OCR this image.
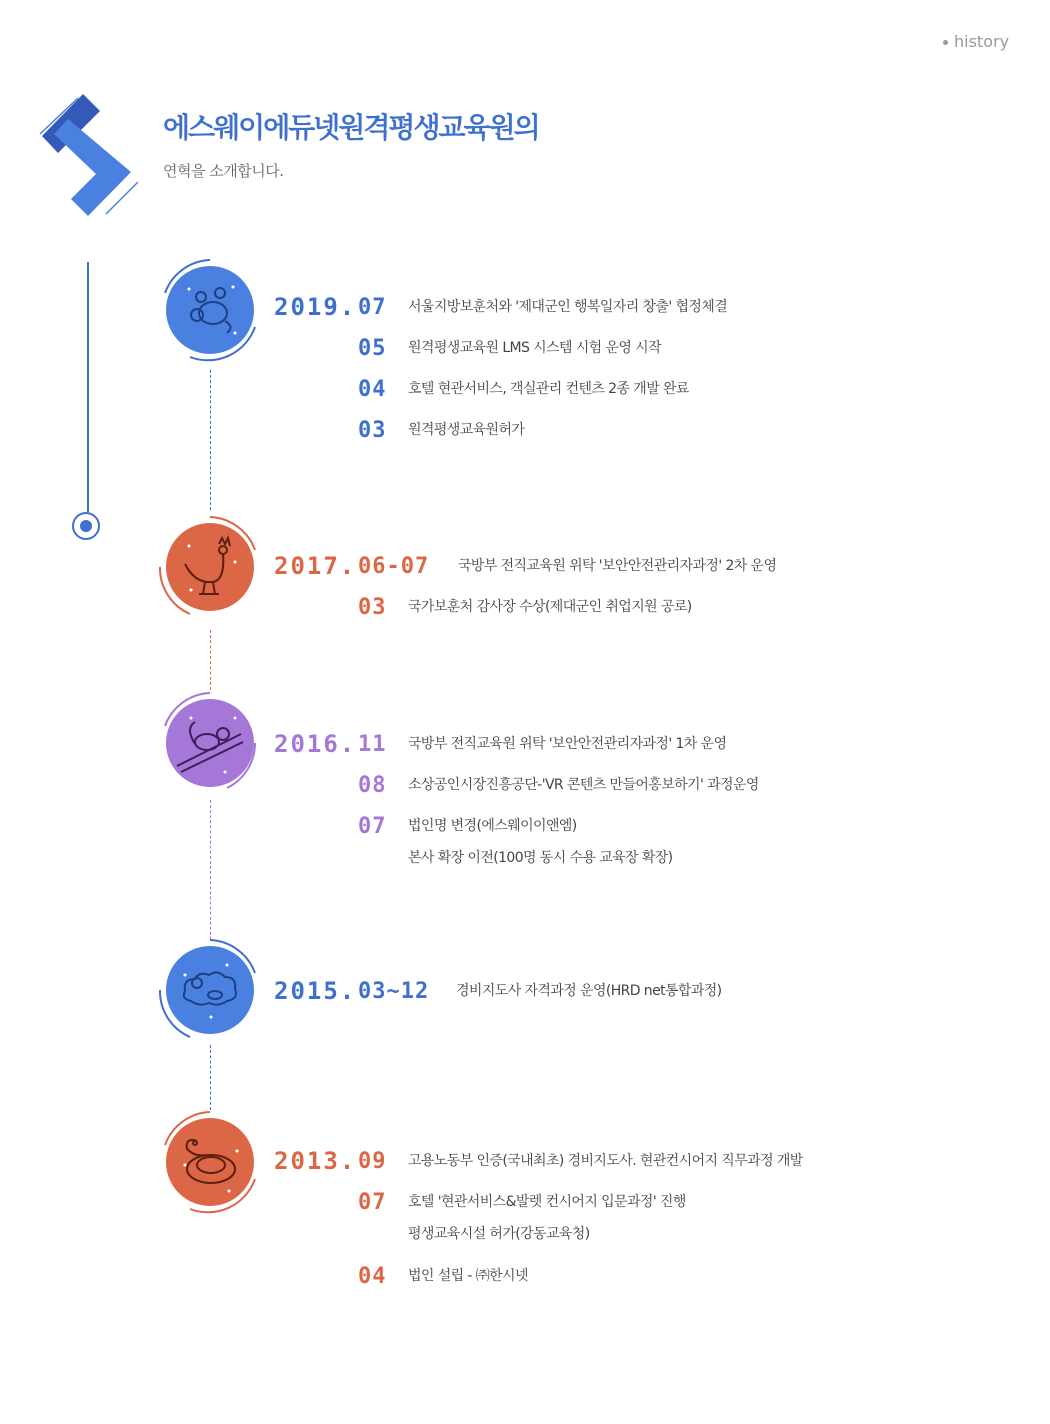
history
에스웨이에듀넷원격평생교육원의
연혁을 소개합니다.
2019. 07 서울지방보훈처와 '제대군인 행복일자리 창출' 협정체결
05 원격평생교육원 LMS 시스템 시험 운영 시작
04 호텔 현관서비스, 객실관리 컨텐츠 2종 개발 완료
03 원격평생교육원허가
2017. 06-07 국방부 전직교육원 위탁 '보안안전관리자과정' 2차 운영
03 국가보훈처 감사장 수상(제대군인 취업지원 공로)
2016. 11 국방부 전직교육원 위탁 '보안안전관리자과정' 1차 운영
08 소상공인시장진흥공단-'VR 콘텐츠 만들어홍보하기' 과정운영
07 법인명 변경(에스웨이이앤엠)
본사 확장 이전(100명 동시 수용 교육장 확장)
2015. 03~12 경비지도사 자격과정 운영(HRD net통합과정)
2013. 09 고용노동부 인증(국내최초) 경비지도사. 현관컨시어지 직무과정 개발
07 호텔 '현관서비스&발렛 컨시어지 입문과정' 진행
평생교육시설 허가(강동교육청)
04 법인 설립 - ㈜한시넷
